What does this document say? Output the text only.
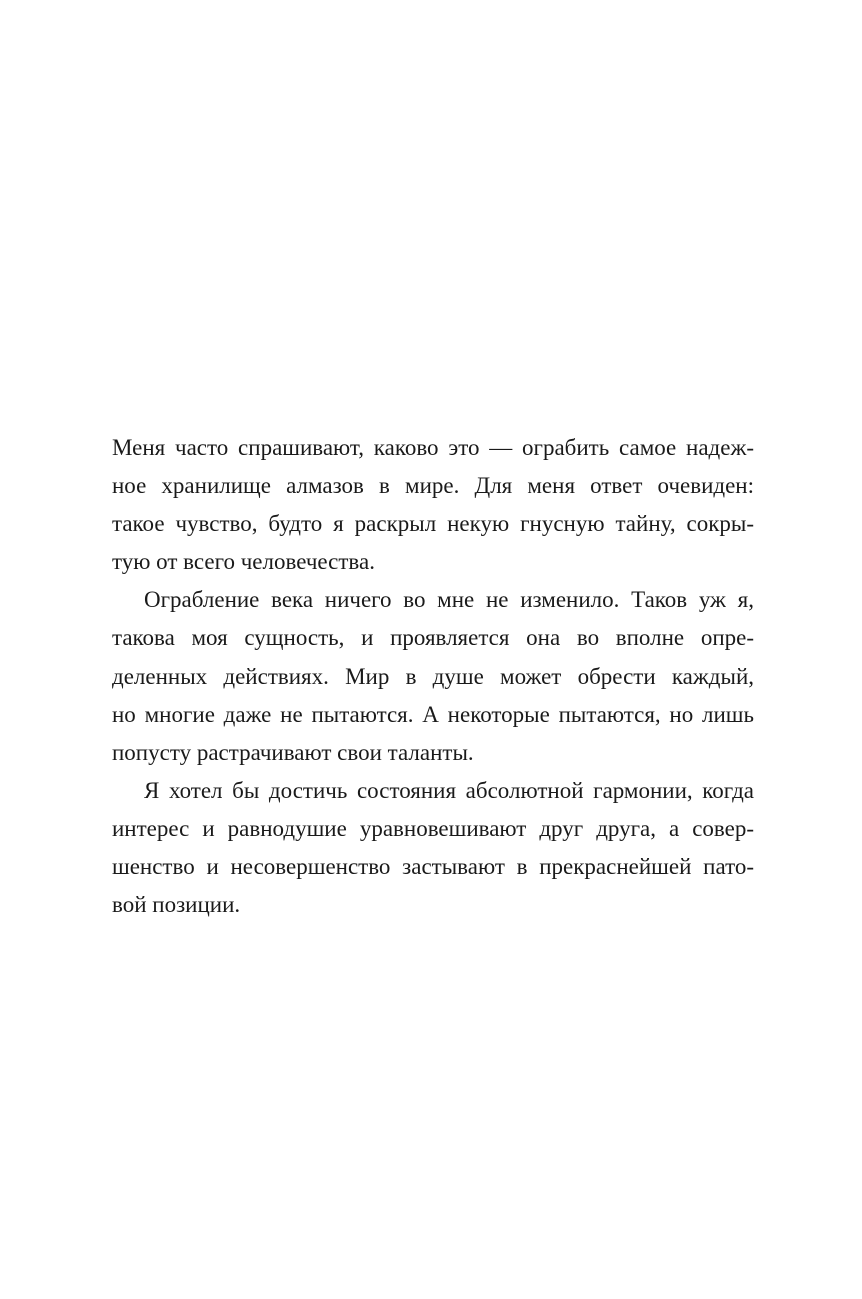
Меня часто спрашивают, каково это — ограбить самое надеж-
ное хранилище алмазов в мире. Для меня ответ очевиден:
такое чувство, будто я раскрыл некую гнусную тайну, сокры-
тую от всего человечества.
Ограбление века ничего во мне не изменило. Таков уж я,
такова моя сущность, и проявляется она во вполне опре-
деленных действиях. Мир в душе может обрести каждый,
но многие даже не пытаются. А некоторые пытаются, но лишь
попусту растрачивают свои таланты.
Я хотел бы достичь состояния абсолютной гармонии, когда
интерес и равнодушие уравновешивают друг друга, а совер-
шенство и несовершенство застывают в прекраснейшей пато-
вой позиции.
